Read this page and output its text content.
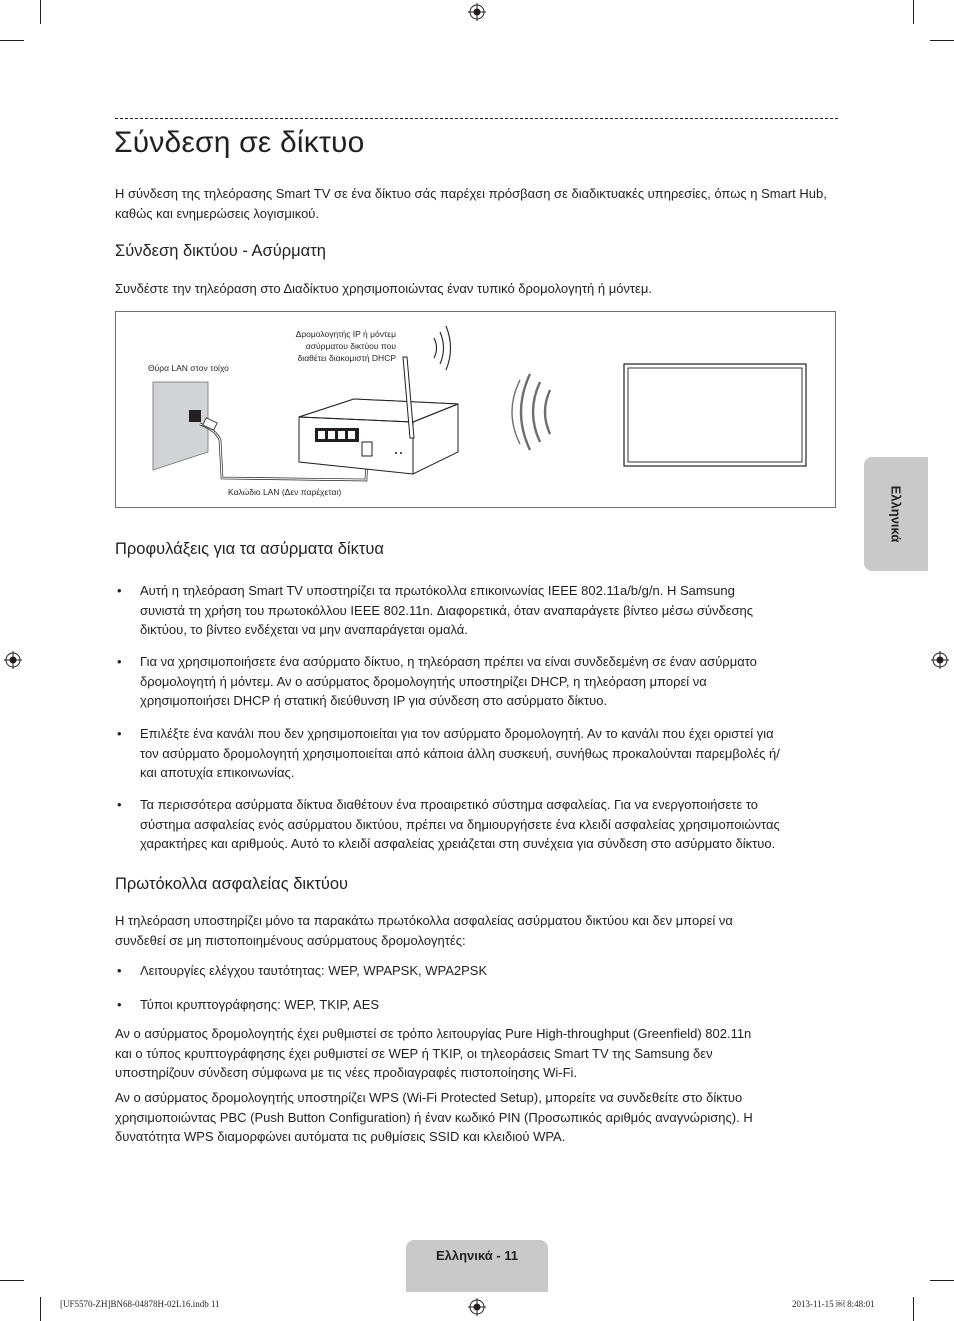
Σύνδεση σε δίκτυο

Η σύνδεση της τηλεόρασης Smart TV σε ένα δίκτυο σάς παρέχει πρόσβαση σε διαδικτυακές υπηρεσίες, όπως η Smart Hub, καθώς και ενημερώσεις λογισμικού.

Σύνδεση δικτύου - Ασύρματη

Συνδέστε την τηλεόραση στο Διαδίκτυο χρησιμοποιώντας έναν τυπικό δρομολογητή ή μόντεμ.

Θύρα LAN στον τοίχο
Δρομολογητής IP ή μόντεμ
ασύρματου δικτύου που
διαθέτει διακομιστή DHCP
Καλώδιο LAN (Δεν παρέχεται)
Προφυλάξεις για τα ασύρματα δίκτυα
• Αυτή η τηλεόραση Smart TV υποστηρίζει τα πρωτόκολλα επικοινωνίας IEEE 802.11a/b/g/n. Η Samsung
συνιστά τη χρήση του πρωτοκόλλου IEEE 802.11n. Διαφορετικά, όταν αναπαράγετε βίντεο μέσω σύνδεσης
δικτύου, το βίντεο ενδέχεται να μην αναπαράγεται ομαλά.
• Για να χρησιμοποιήσετε ένα ασύρματο δίκτυο, η τηλεόραση πρέπει να είναι συνδεδεμένη σε έναν ασύρματο
δρομολογητή ή μόντεμ. Αν ο ασύρματος δρομολογητής υποστηρίζει DHCP, η τηλεόραση μπορεί να
χρησιμοποιήσει DHCP ή στατική διεύθυνση IP για σύνδεση στο ασύρματο δίκτυο.
• Επιλέξτε ένα κανάλι που δεν χρησιμοποιείται για τον ασύρματο δρομολογητή. Αν το κανάλι που έχει οριστεί για
τον ασύρματο δρομολογητή χρησιμοποιείται από κάποια άλλη συσκευή, συνήθως προκαλούνται παρεμβολές ή/
και αποτυχία επικοινωνίας.
• Τα περισσότερα ασύρματα δίκτυα διαθέτουν ένα προαιρετικό σύστημα ασφαλείας. Για να ενεργοποιήσετε το
σύστημα ασφαλείας ενός ασύρματου δικτύου, πρέπει να δημιουργήσετε ένα κλειδί ασφαλείας χρησιμοποιώντας
χαρακτήρες και αριθμούς. Αυτό το κλειδί ασφαλείας χρειάζεται στη συνέχεια για σύνδεση στο ασύρματο δίκτυο.
Πρωτόκολλα ασφαλείας δικτύου
Η τηλεόραση υποστηρίζει μόνο τα παρακάτω πρωτόκολλα ασφαλείας ασύρματου δικτύου και δεν μπορεί να
συνδεθεί σε μη πιστοποιημένους ασύρματους δρομολογητές:
• Λειτουργίες ελέγχου ταυτότητας: WEP, WPAPSK, WPA2PSK
• Τύποι κρυπτογράφησης: WEP, TKIP, AES
Αν ο ασύρματος δρομολογητής έχει ρυθμιστεί σε τρόπο λειτουργίας Pure High-throughput (Greenfield) 802.11n
και ο τύπος κρυπτογράφησης έχει ρυθμιστεί σε WEP ή TKIP, οι τηλεοράσεις Smart TV της Samsung δεν
υποστηρίζουν σύνδεση σύμφωνα με τις νέες προδιαγραφές πιστοποίησης Wi-Fi.
Αν ο ασύρματος δρομολογητής υποστηρίζει WPS (Wi-Fi Protected Setup), μπορείτε να συνδεθείτε στο δίκτυο
χρησιμοποιώντας PBC (Push Button Configuration) ή έναν κωδικό PIN (Προσωπικός αριθμός αναγνώρισης). Η
δυνατότητα WPS διαμορφώνει αυτόματα τις ρυθμίσεις SSID και κλειδιού WPA.
Ελληνικά
Ελληνικά - 11
[UF5570-ZH]BN68-04878H-02L16.indb 11	2013-11-15 ￼ 8:48:01
